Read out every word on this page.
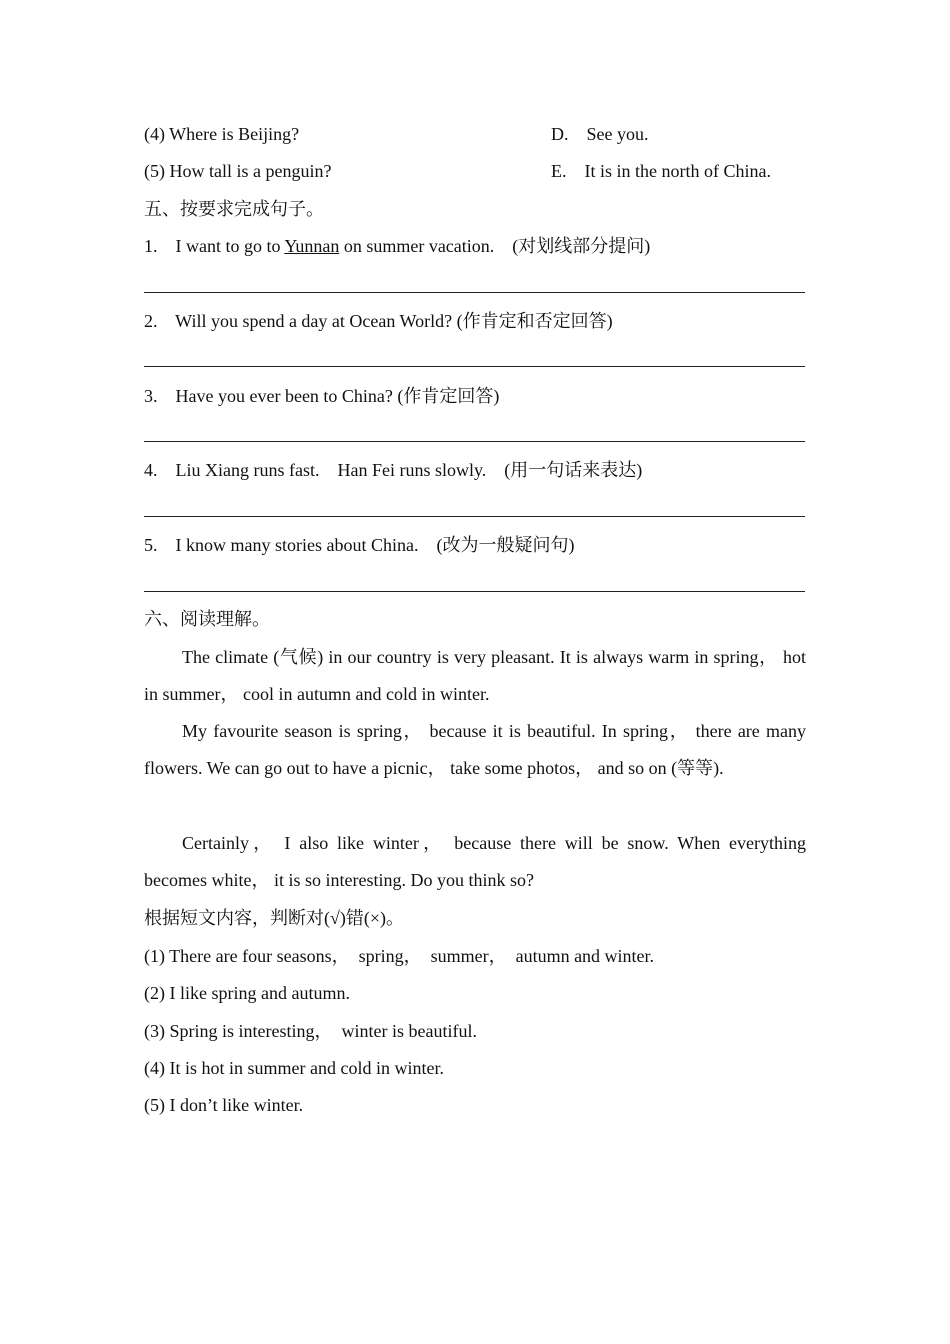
(4) Where is Beijing?	D.    See you.
(5) How tall is a penguin?	E.    It is in the north of China.
五、按要求完成句子。
1.    I want to go to Yunnan on summer vacation.    (对划线部分提问)
2.    Will you spend a day at Ocean World? (作肯定和否定回答)
3.    Have you ever been to China? (作肯定回答)
4.    Liu Xiang runs fast.    Han Fei runs slowly.    (用一句话来表达)
5.    I know many stories about China.    (改为一般疑问句)
六、阅读理解。
The climate (气候) in our country is very pleasant. It is always warm in spring， hot in summer， cool in autumn and cold in winter.
My favourite season is spring， because it is beautiful. In spring， there are many flowers. We can go out to have a picnic， take some photos， and so on (等等).
Certainly， I also like winter， because there will be snow. When everything becomes white， it is so interesting. Do you think so?
根据短文内容，判断对(√)错(×)。
(1) There are four seasons，  spring，  summer，  autumn and winter.
(2) I like spring and autumn.
(3) Spring is interesting，  winter is beautiful.
(4) It is hot in summer and cold in winter.
(5) I don’t like winter.
